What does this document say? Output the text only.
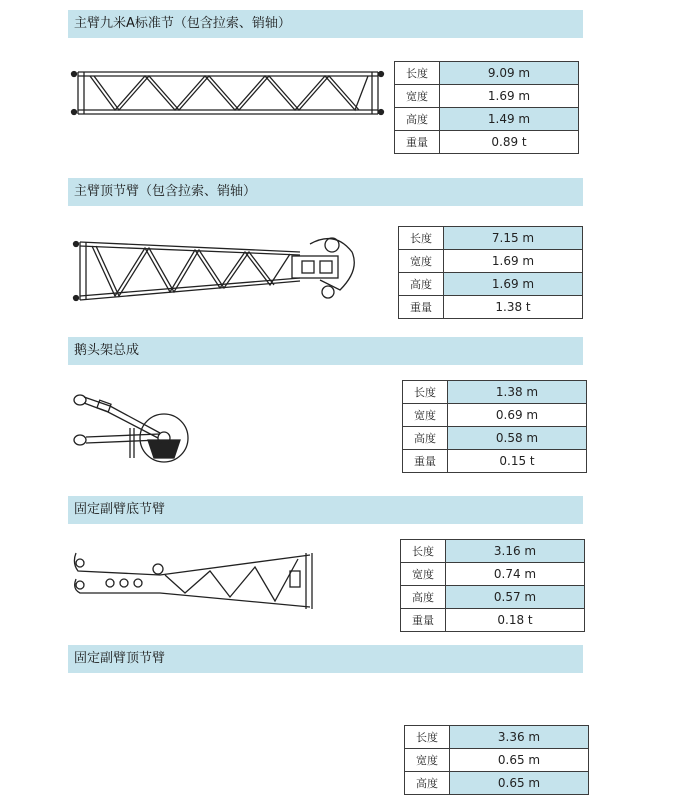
主臂九米A标准节（包含拉索、销轴）
长度	9.09 m
宽度	1.69 m
高度	1.49 m
重量	0.89 t
主臂顶节臂（包含拉索、销轴）
长度	7.15 m
宽度	1.69 m
高度	1.69 m
重量	1.38 t
鹅头架总成
长度	1.38 m
宽度	0.69 m
高度	0.58 m
重量	0.15 t
固定副臂底节臂
长度	3.16 m
宽度	0.74 m
高度	0.57 m
重量	0.18 t
固定副臂顶节臂
长度	3.36 m
宽度	0.65 m
高度	0.65 m
